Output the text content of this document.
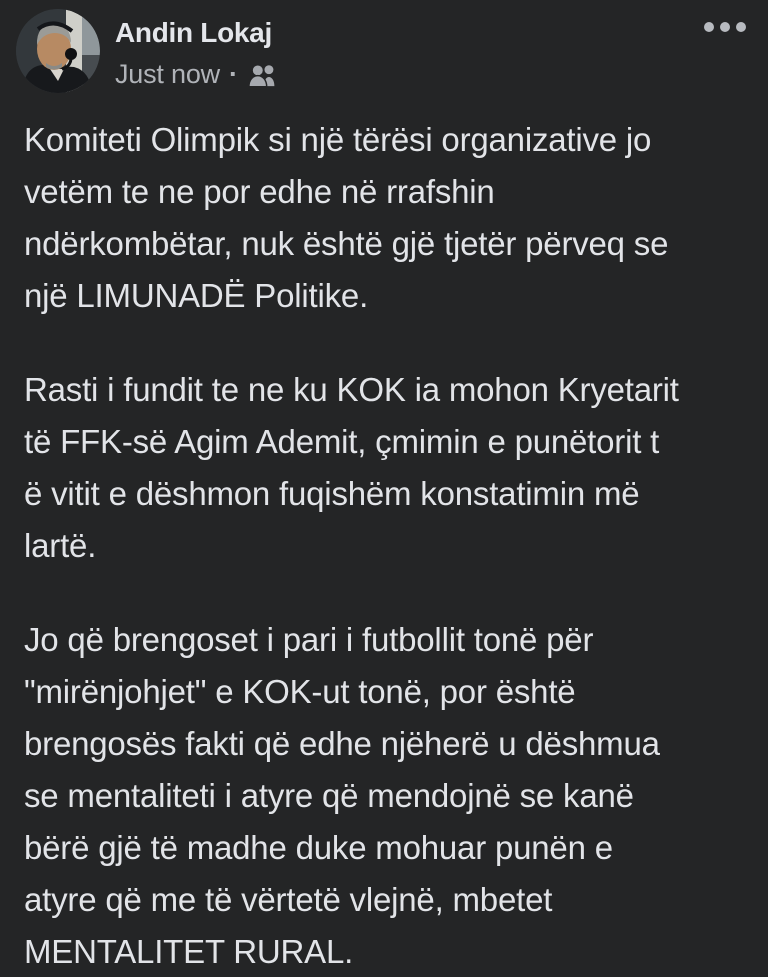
Andin Lokaj
Just now ·
Komiteti Olimpik si një tërësi organizative jo
vetëm te ne por edhe në rrafshin
ndërkombëtar, nuk është gjë tjetër përveq se
një LIMUNADË Politike.
Rasti i fundit te ne ku KOK ia mohon Kryetarit
të FFK-së Agim Ademit, çmimin e punëtorit t
ë vitit e dëshmon fuqishëm konstatimin më
lartë.
Jo që brengoset i pari i futbollit tonë për
"mirënjohjet" e KOK-ut tonë, por është
brengosës fakti që edhe njëherë u dëshmua
se mentaliteti i atyre që mendojnë se kanë
bërë gjë të madhe duke mohuar punën e
atyre që me të vërtetë vlejnë, mbetet
MENTALITET RURAL.
